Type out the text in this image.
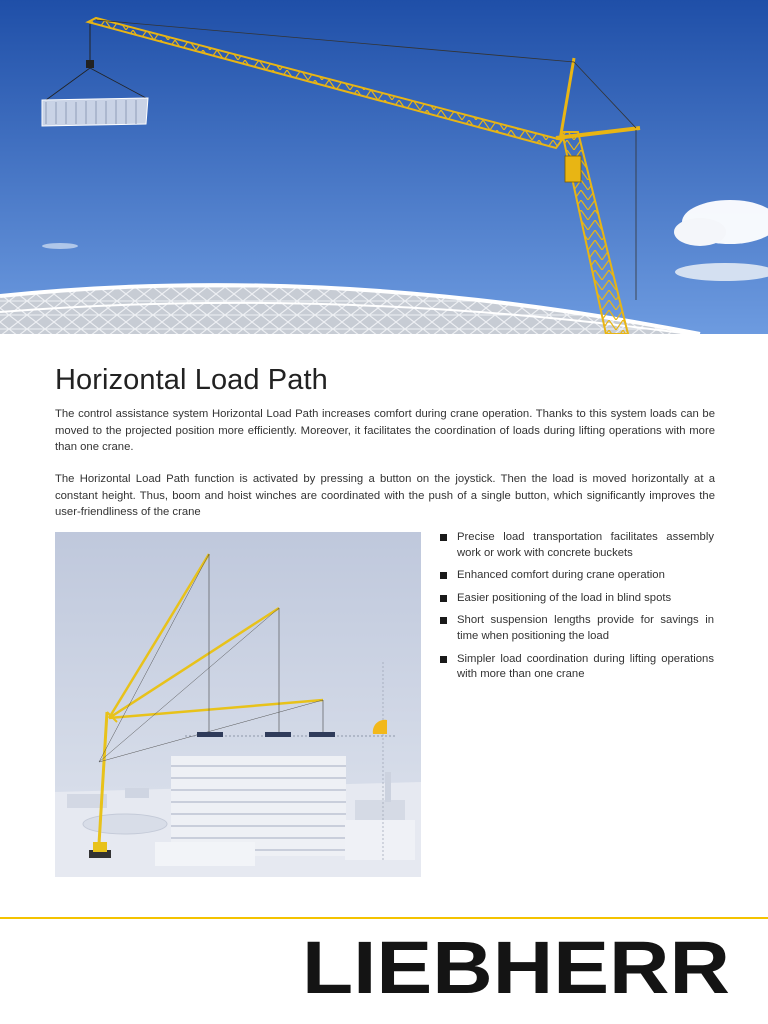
Horizontal Load Path

The control assistance system Horizontal Load Path increases comfort during crane operation. Thanks to this system loads can be moved to the projected position more efficiently. Moreover, it facilitates the coordination of loads during lifting operations with more than one crane.

The Horizontal Load Path function is activated by pressing a button on the joystick. Then the load is moved horizontally at a constant height. Thus, boom and hoist winches are coordinated with the push of a single button, which significantly improves the user-friendliness of the crane

Precise load transportation facilitates assembly work or work with concrete buckets
Enhanced comfort during crane operation
Easier positioning of the load in blind spots
Short suspension lengths provide for savings in time when positioning the load
Simpler load coordination during lifting operations with more than one crane
LIEBHERR
